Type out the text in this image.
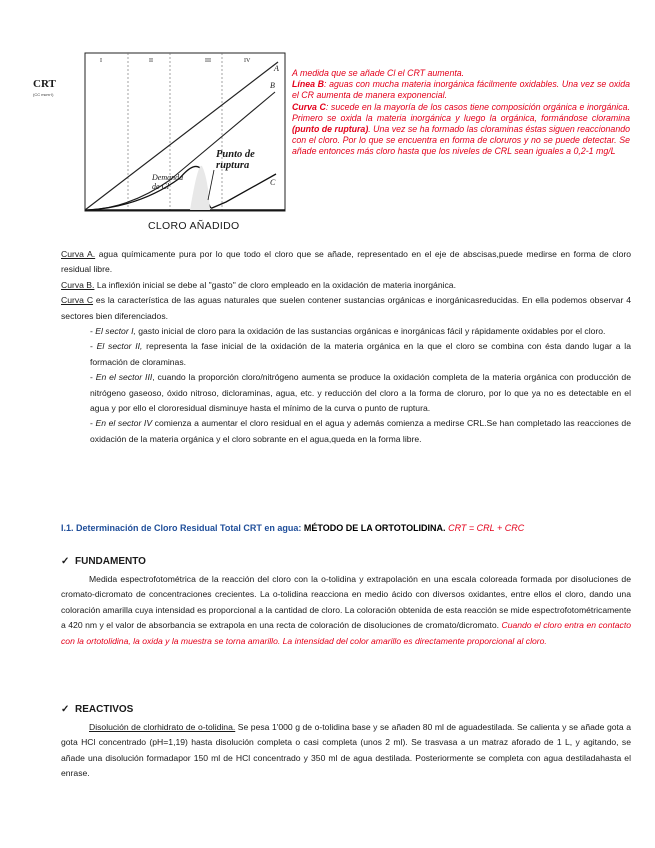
CRT
(CC mcm·l)
I	II	III	IV
A
B
C
Punto de
ruptura
Demanda
de Cl
CLORO AÑADIDO

A medida que se añade Cl el CRT aumenta.

Línea B: aguas con mucha materia inorgánica fácilmente oxidables. Una vez se oxida el CR aumenta de manera exponencial.

Curva C: sucede en la mayoría de los casos tiene composición orgánica e inorgánica. Primero se oxida la materia inorgánica y luego la orgánica, formándose cloramina (punto de ruptura). Una vez se ha formado las cloraminas éstas siguen reaccionando con el cloro. Por lo que se encuentra en forma de cloruros y no se puede detectar. Se añade entonces más cloro hasta que los niveles de CRL sean iguales a 0,2-1 mg/L

Curva A. agua químicamente pura por lo que todo el cloro que se añade, representado en el eje de abscisas,puede medirse en forma de cloro residual libre.

Curva B. La inflexión inicial se debe al "gasto" de cloro empleado en la oxidación de materia inorgánica.

Curva C es la característica de las aguas naturales que suelen contener sustancias orgánicas e inorgánicasreducidas. En ella podemos observar 4 sectores bien diferenciados.

- El sector I, gasto inicial de cloro para la oxidación de las sustancias orgánicas e inorgánicas fácil y rápidamente oxidables por el cloro.

- El sector II, representa la fase inicial de la oxidación de la materia orgánica en la que el cloro se combina con ésta dando lugar a la formación de cloraminas.

- En el sector III, cuando la proporción cloro/nitrógeno aumenta se produce la oxidación completa de la materia orgánica con producción de nitrógeno gaseoso, óxido nitroso, dicloraminas, agua, etc. y reducción del cloro a la forma de cloruro, por lo que ya no es detectable en el agua y por ello el clororesidual disminuye hasta el mínimo de la curva o punto de ruptura.

- En el sector IV comienza a aumentar el cloro residual en el agua y además comienza a medirse CRL.Se han completado las reacciones de oxidación de la materia orgánica y el cloro sobrante en el agua,queda en la forma libre.

I.1. Determinación de Cloro Residual Total CRT en agua: MÉTODO DE LA ORTOTOLIDINA. CRT = CRL + CRC
✓ FUNDAMENTO
Medida espectrofotométrica de la reacción del cloro con la o-tolidina y extrapolación en una escala coloreada formada por disoluciones de cromato-dicromato de concentraciones crecientes. La o-tolidina reacciona en medio ácido con diversos oxidantes, entre ellos el cloro, dando una coloración amarilla cuya intensidad es proporcional a la cantidad de cloro. La coloración obtenida de esta reacción se mide espectrofotométricamente a 420 nm y el valor de absorbancia se extrapola en una recta de coloración de disoluciones de cromato/dicromato. Cuando el cloro entra en contacto con la ortotolidina, la oxida y la muestra se torna amarillo. La intensidad del color amarillo es directamente proporcional al cloro.
✓ REACTIVOS
Disolución de clorhidrato de o-tolidina. Se pesa 1'000 g de o-tolidina base y se añaden 80 ml de aguadestilada. Se calienta y se añade gota a gota HCl concentrado (pH=1,19) hasta disolución completa o casi completa (unos 2 ml). Se trasvasa a un matraz aforado de 1 L, y agitando, se añade una disolución formadapor 150 ml de HCl concentrado y 350 ml de agua destilada. Posteriormente se completa con agua destiladahasta el enrase.
